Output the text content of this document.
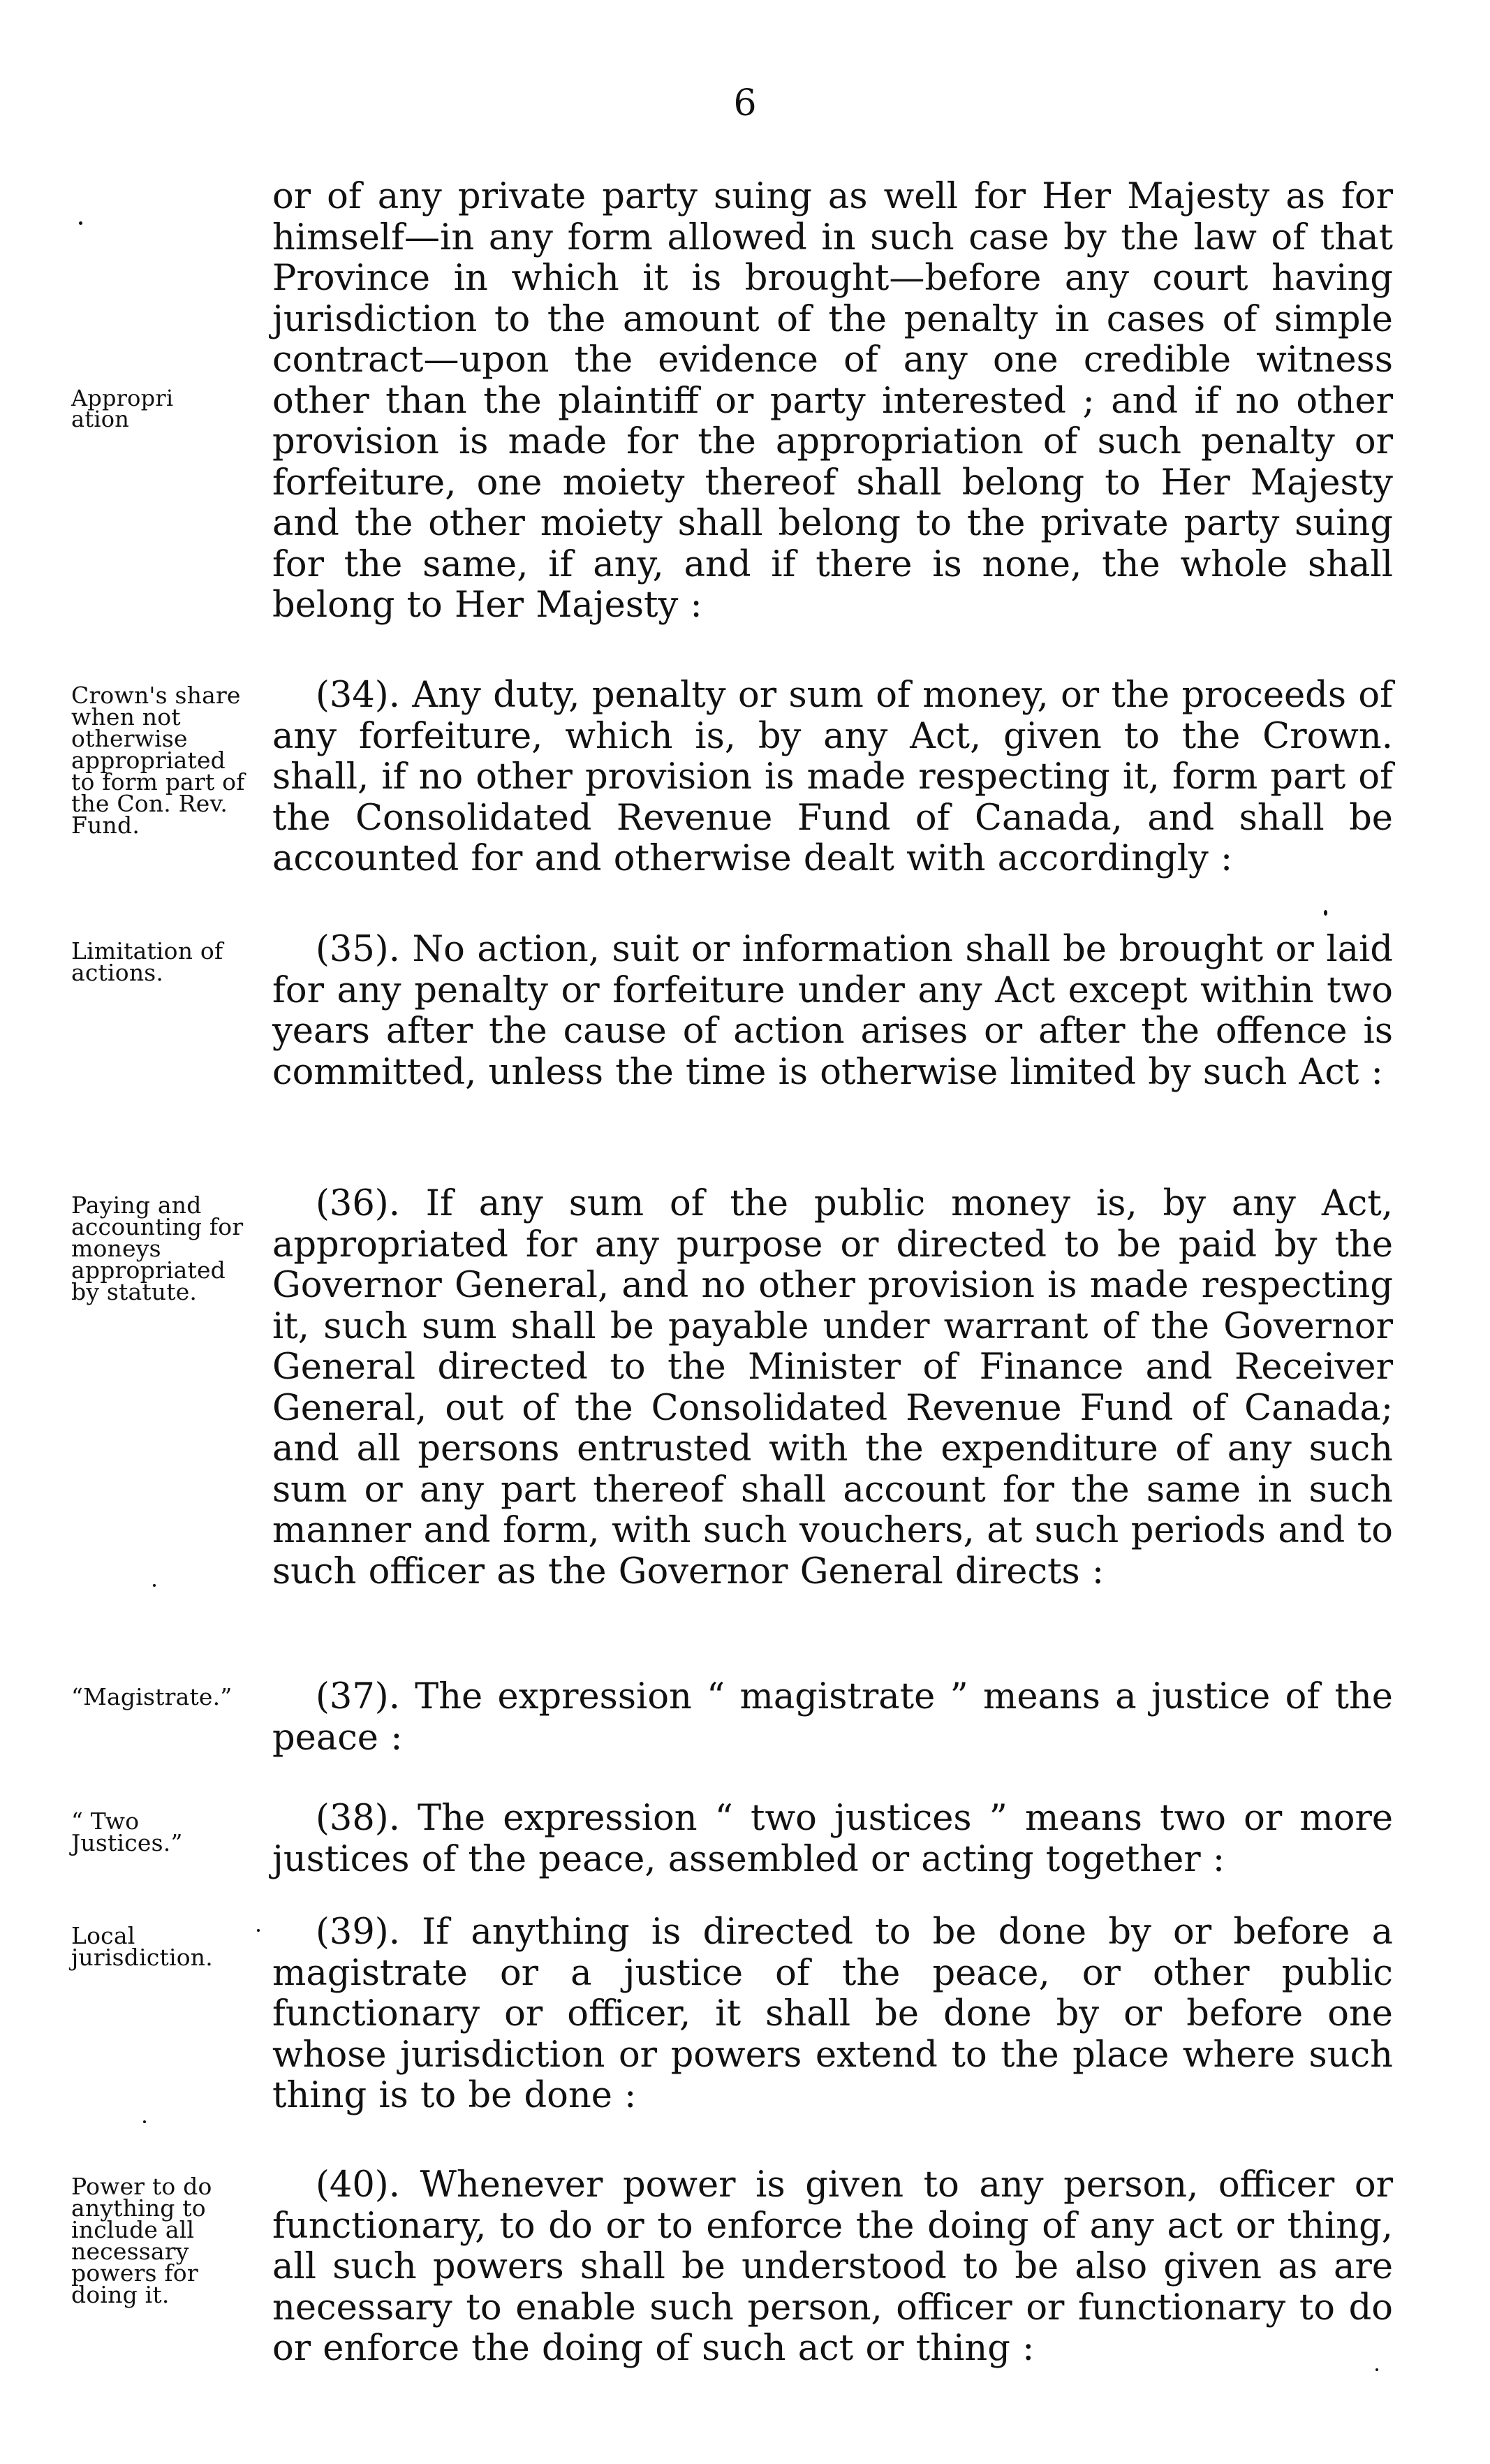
6
Appropriation
or of any private party suing as well for Her Majesty as for himself—in any form allowed in such case by the law of that Province in which it is brought—before any court having jurisdiction to the amount of the penalty in cases of simple contract—upon the evidence of any one credible witness other than the plaintiff or party interested ; and if no other provision is made for the appropriation of such penalty or forfeiture, one moiety thereof shall belong to Her Majesty and the other moiety shall belong to the private party suing for the same, if any, and if there is none, the whole shall belong to Her Majesty :
Crown's share when not otherwise appropriated to form part of the Con. Rev. Fund.
(34). Any duty, penalty or sum of money, or the proceeds of any forfeiture, which is, by any Act, given to the Crown. shall, if no other provision is made respecting it, form part of the Consolidated Revenue Fund of Canada, and shall be accounted for and otherwise dealt with accordingly :
Limitation of actions.
(35). No action, suit or information shall be brought or laid for any penalty or forfeiture under any Act except within two years after the cause of action arises or after the offence is committed, unless the time is otherwise limited by such Act :
Paying and accounting for moneys appropriated by statute.
(36). If any sum of the public money is, by any Act, appropriated for any purpose or directed to be paid by the Governor General, and no other provision is made respecting it, such sum shall be payable under warrant of the Governor General directed to the Minister of Finance and Receiver General, out of the Consolidated Revenue Fund of Canada; and all persons entrusted with the expenditure of any such sum or any part thereof shall account for the same in such manner and form, with such vouchers, at such periods and to such officer as the Governor General directs :
“Magistrate.”	(37). The expression “ magistrate ” means a justice of the peace :
“ Two Justices.”
(38). The expression “ two justices ” means two or more justices of the peace, assembled or acting together :
Local jurisdiction.
(39). If anything is directed to be done by or before a magistrate or a justice of the peace, or other public functionary or officer, it shall be done by or before one whose jurisdiction or powers extend to the place where such thing is to be done :
Power to do anything to include all necessary powers for doing it.
(40). Whenever power is given to any person, officer or functionary, to do or to enforce the doing of any act or thing, all such powers shall be understood to be also given as are necessary to enable such person, officer or functionary to do or enforce the doing of such act or thing :
